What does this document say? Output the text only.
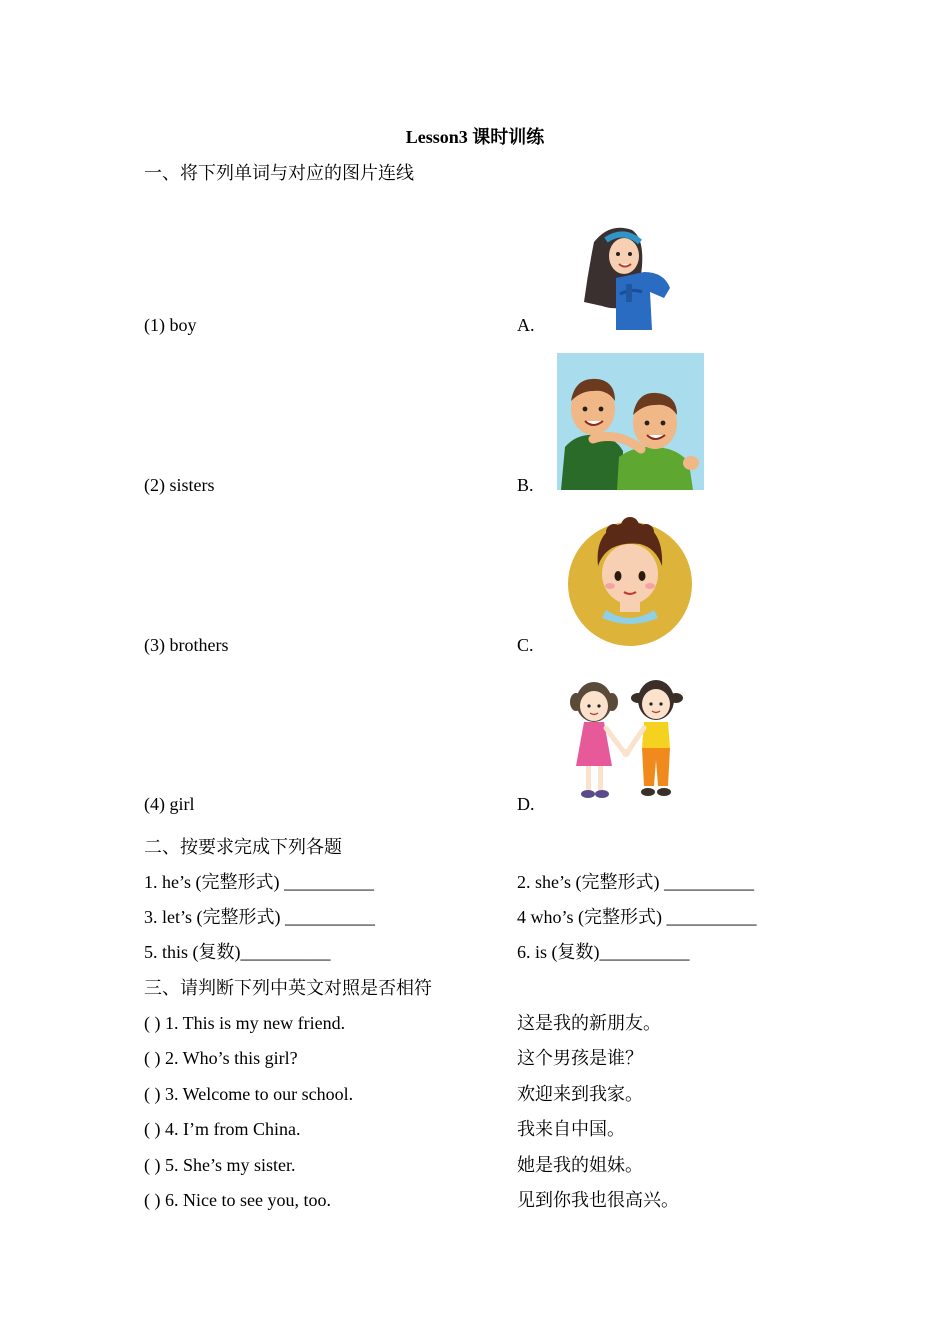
Lesson3 课时训练
一、将下列单词与对应的图片连线
(1) boy	A.
(2) sisters	B.
(3) brothers	C.
(4) girl	D.
二、按要求完成下列各题
1. he’s (完整形式) __________	2. she’s (完整形式) __________
3. let’s (完整形式) __________	4 who’s (完整形式) __________
5. this (复数)__________	6. is (复数)__________
三、请判断下列中英文对照是否相符
( ) 1. This is my new friend.	这是我的新朋友。
( ) 2. Who’s this girl?	这个男孩是谁？
( ) 3. Welcome to our school.	欢迎来到我家。
( ) 4. I’m from China.	我来自中国。
( ) 5. She’s my sister.	她是我的姐妹。
( ) 6. Nice to see you, too.	见到你我也很高兴。
